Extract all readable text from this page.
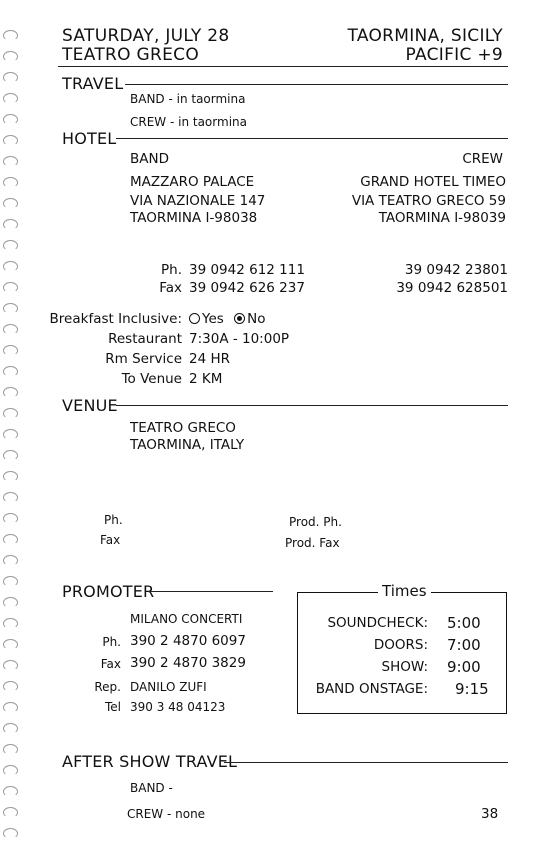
SATURDAY, JULY 28
TEATRO GRECO
TAORMINA, SICILY
PACIFIC +9
TRAVEL
BAND - in taormina
CREW - in taormina
HOTEL
BAND
MAZZARO PALACE
VIA NAZIONALE 147
TAORMINA I-98038
CREW
GRAND HOTEL TIMEO
VIA TEATRO GRECO 59
TAORMINA I-98039
Ph.
Fax
39 0942 612 111
39 0942 626 237
39 0942 23801
39 0942 628501
Breakfast Inclusive:	Yes No
Restaurant 7:30A - 10:00P
Rm Service 24 HR
To Venue 2 KM
VENUE
TEATRO GRECO
TAORMINA, ITALY
Ph.
Fax
Prod. Ph.
Prod. Fax
PROMOTER
MILANO CONCERTI
Ph. 390 2 4870 6097
Fax 390 2 4870 3829
Rep. DANILO ZUFI
Tel 390 3 48 04123
Times
SOUNDCHECK: 5:00
DOORS: 7:00
SHOW: 9:00
BAND ONSTAGE: 9:15
AFTER SHOW TRAVEL
BAND -
CREW - none	38
